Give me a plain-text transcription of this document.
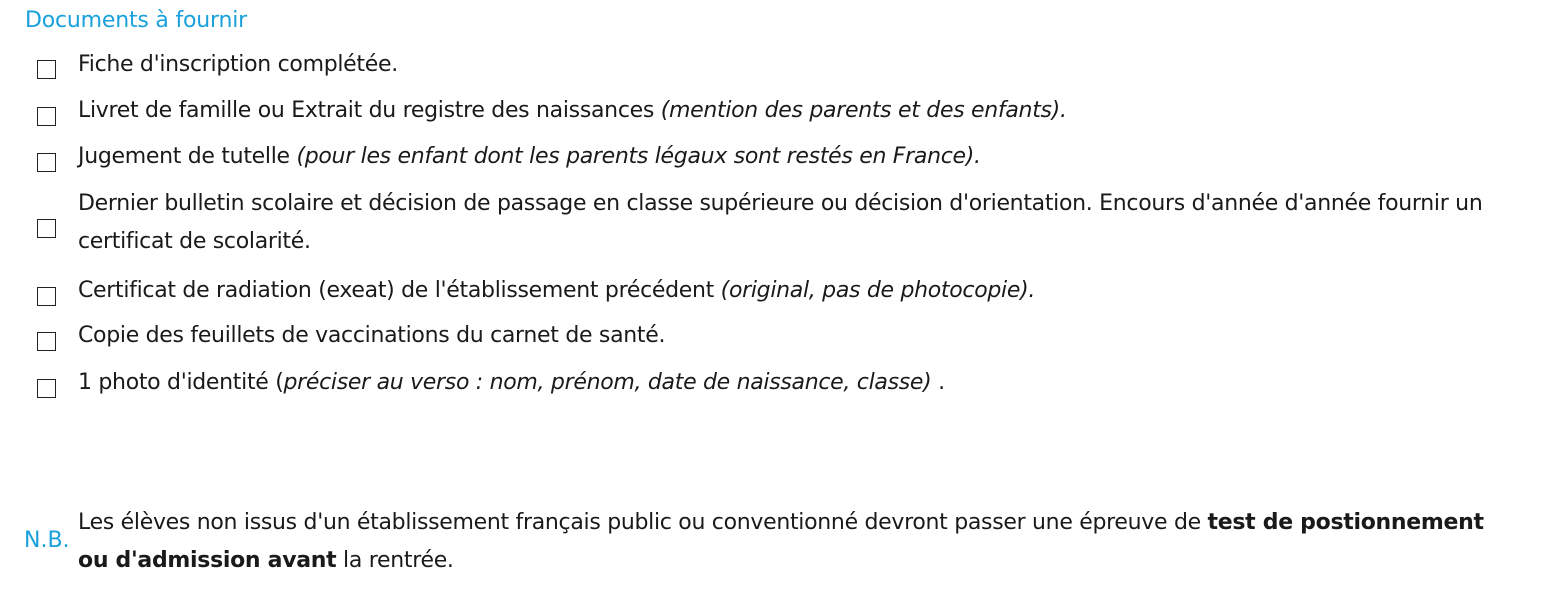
Documents à fournir
Fiche d'inscription complétée.
Livret de famille ou Extrait du registre des naissances (mention des parents et des enfants).
Jugement de tutelle (pour les enfant dont les parents légaux sont restés en France).
Dernier bulletin scolaire et décision de passage en classe supérieure ou décision d'orientation. Encours d'année d'année fournir un certificat de scolarité.
Certificat de radiation (exeat) de l'établissement précédent (original, pas de photocopie).
Copie des feuillets de vaccinations du carnet de santé.
1 photo d'identité (préciser au verso : nom, prénom, date de naissance, classe) .
N.B.
Les élèves non issus d'un établissement français public ou conventionné devront passer une épreuve de test de postionnement ou d'admission avant la rentrée.
